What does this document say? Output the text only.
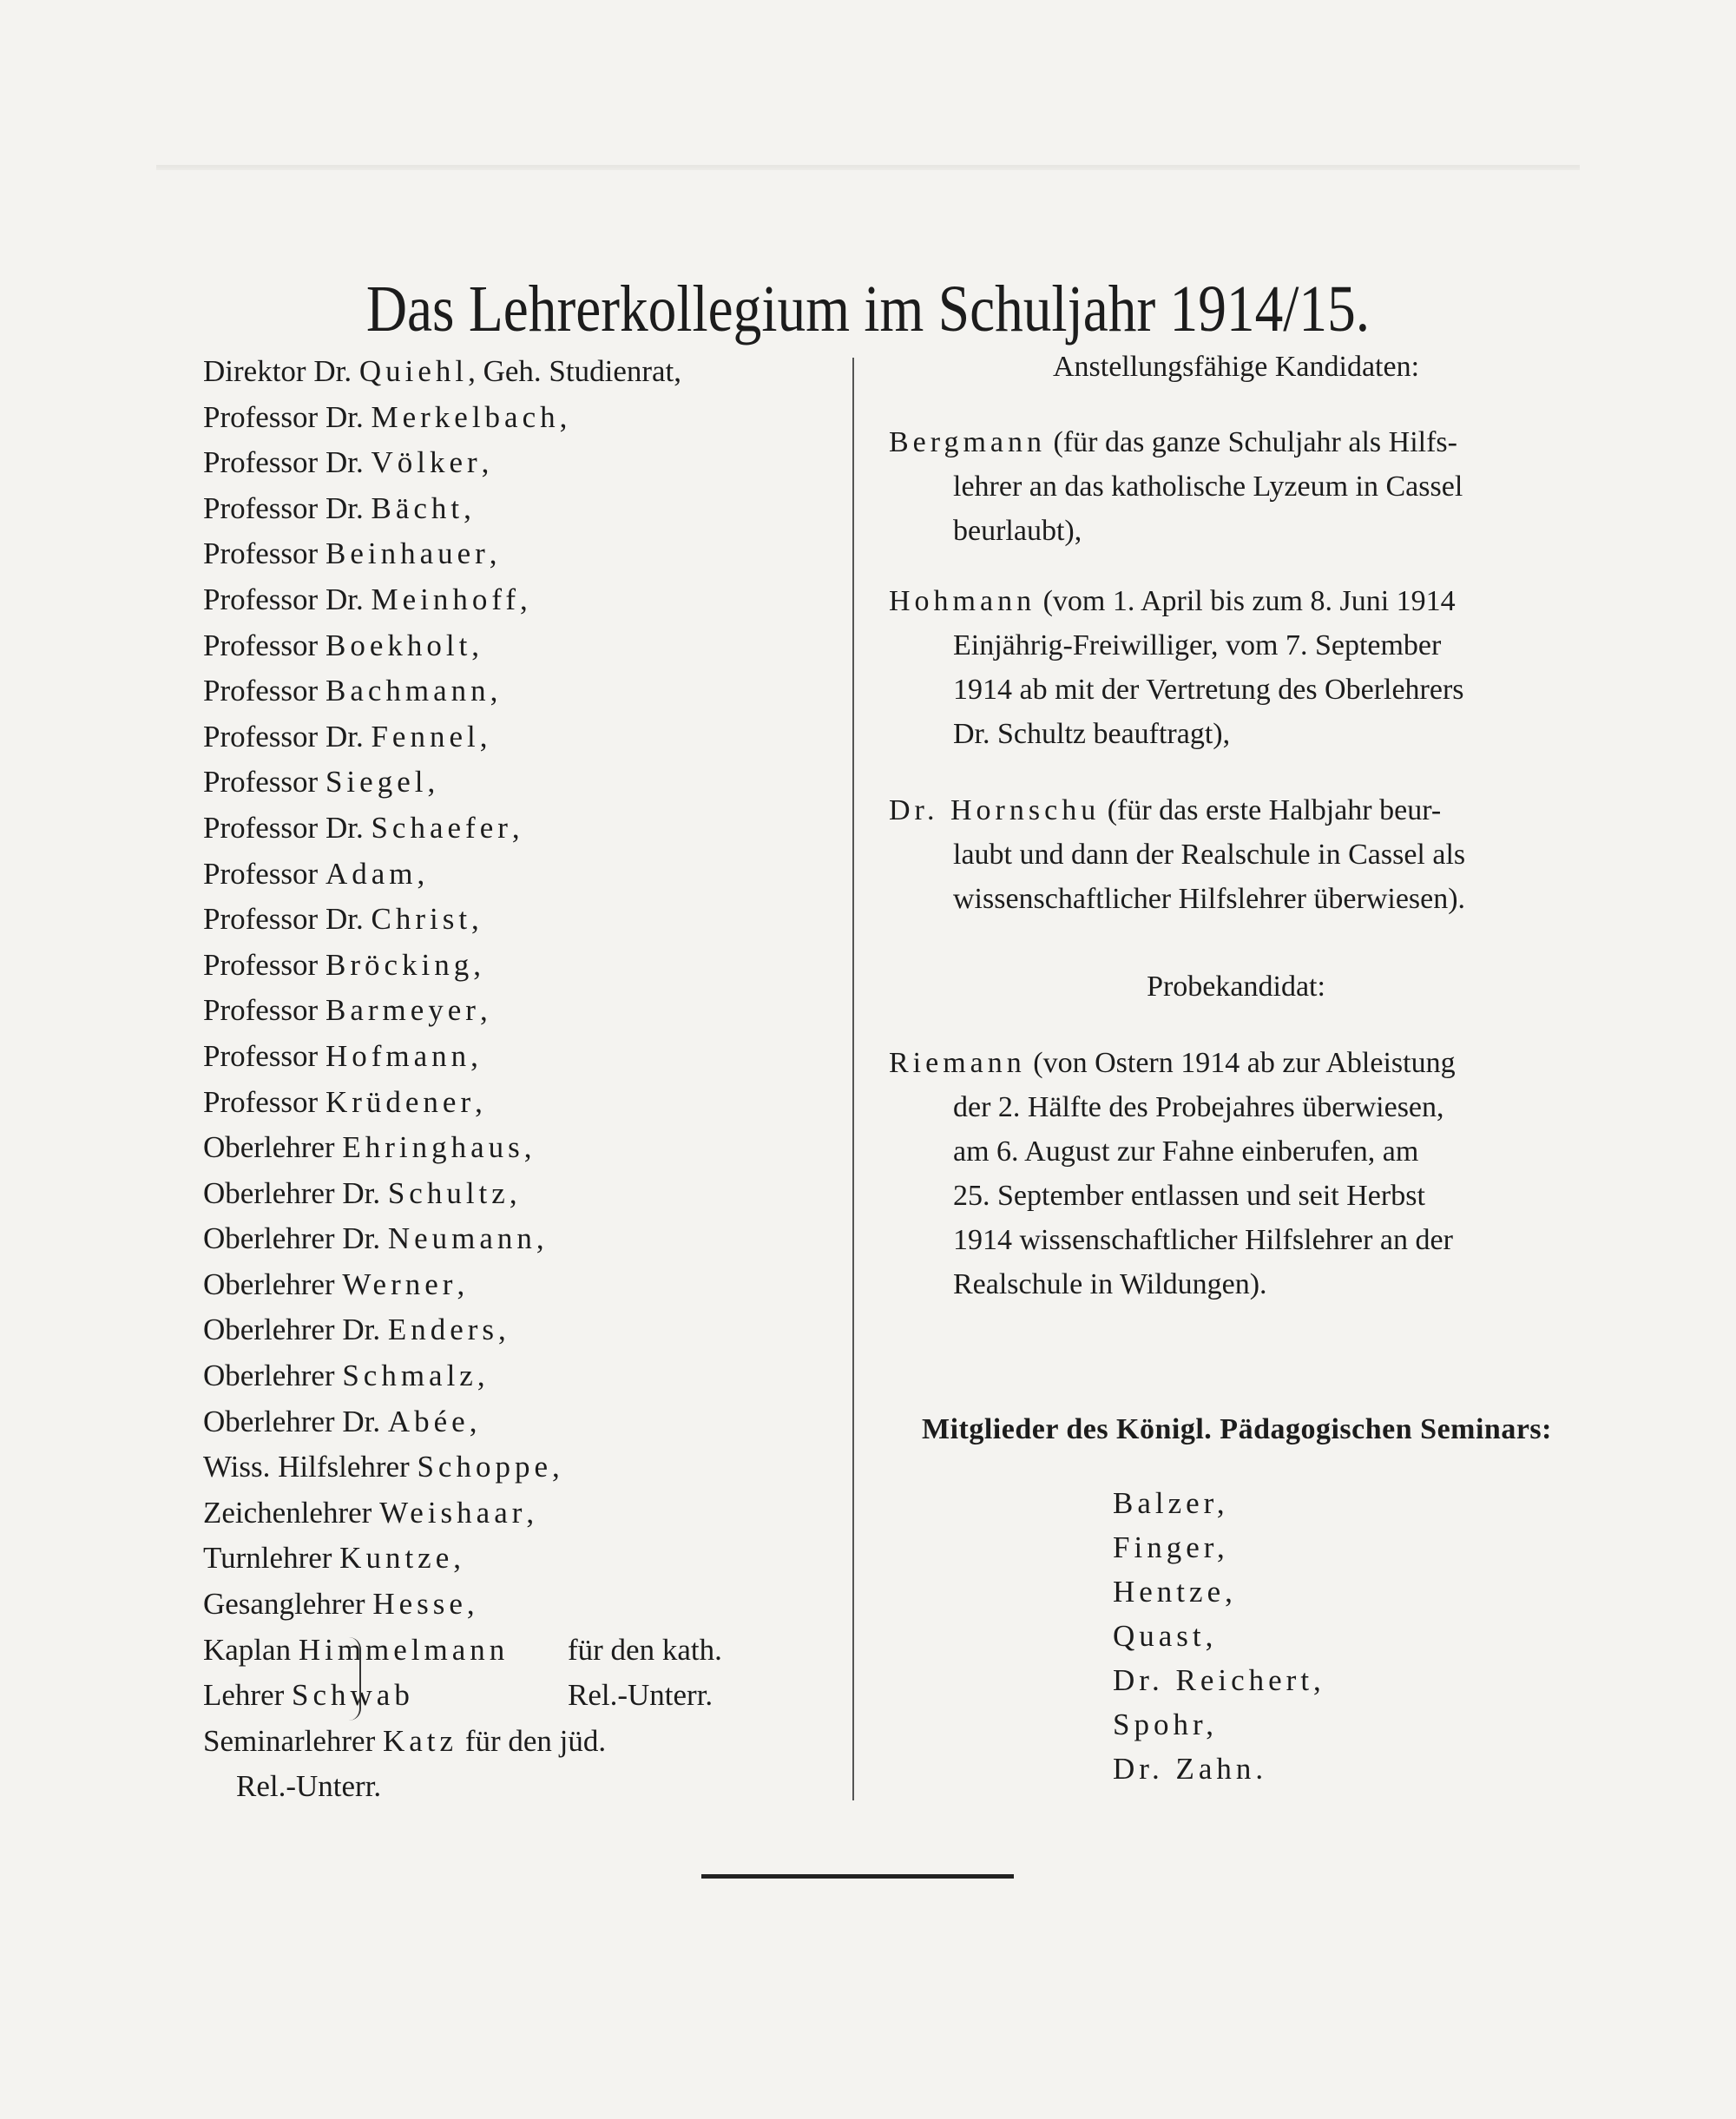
Das Lehrerkollegium im Schuljahr 1914/15.
Direktor Dr. Quiehl, Geh. Studienrat,
Professor Dr. Merkelbach,
Professor Dr. Völker,
Professor Dr. Bächt,
Professor Beinhauer,
Professor Dr. Meinhoff,
Professor Boekholt,
Professor Bachmann,
Professor Dr. Fennel,
Professor Siegel,
Professor Dr. Schaefer,
Professor Adam,
Professor Dr. Christ,
Professor Bröcking,
Professor Barmeyer,
Professor Hofmann,
Professor Krüdener,
Oberlehrer Ehringhaus,
Oberlehrer Dr. Schultz,
Oberlehrer Dr. Neumann,
Oberlehrer Werner,
Oberlehrer Dr. Enders,
Oberlehrer Schmalz,
Oberlehrer Dr. Abée,
Wiss. Hilfslehrer Schoppe,
Zeichenlehrer Weishaar,
Turnlehrer Kuntze,
Gesanglehrer Hesse,
Kaplan Himmelmann für den kath.
Lehrer Schwab	Rel.-Unterr.
Seminarlehrer Katz für den jüd.
Rel.-Unterr.
Anstellungsfähige Kandidaten:
Bergmann (für das ganze Schuljahr als Hilfs-
lehrer an das katholische Lyzeum in Cassel
beurlaubt),
Hohmann (vom 1. April bis zum 8. Juni 1914
Einjährig-Freiwilliger, vom 7. September
1914 ab mit der Vertretung des Oberlehrers
Dr. Schultz beauftragt),
Dr. Hornschu (für das erste Halbjahr beur-
laubt und dann der Realschule in Cassel als
wissenschaftlicher Hilfslehrer überwiesen).
Probekandidat:
Riemann (von Ostern 1914 ab zur Ableistung
der 2. Hälfte des Probejahres überwiesen,
am 6. August zur Fahne einberufen, am
25. September entlassen und seit Herbst
1914 wissenschaftlicher Hilfslehrer an der
Realschule in Wildungen).
Mitglieder des Königl. Pädagogischen Seminars:
Balzer,
Finger,
Hentze,
Quast,
Dr. Reichert,
Spohr,
Dr. Zahn.
